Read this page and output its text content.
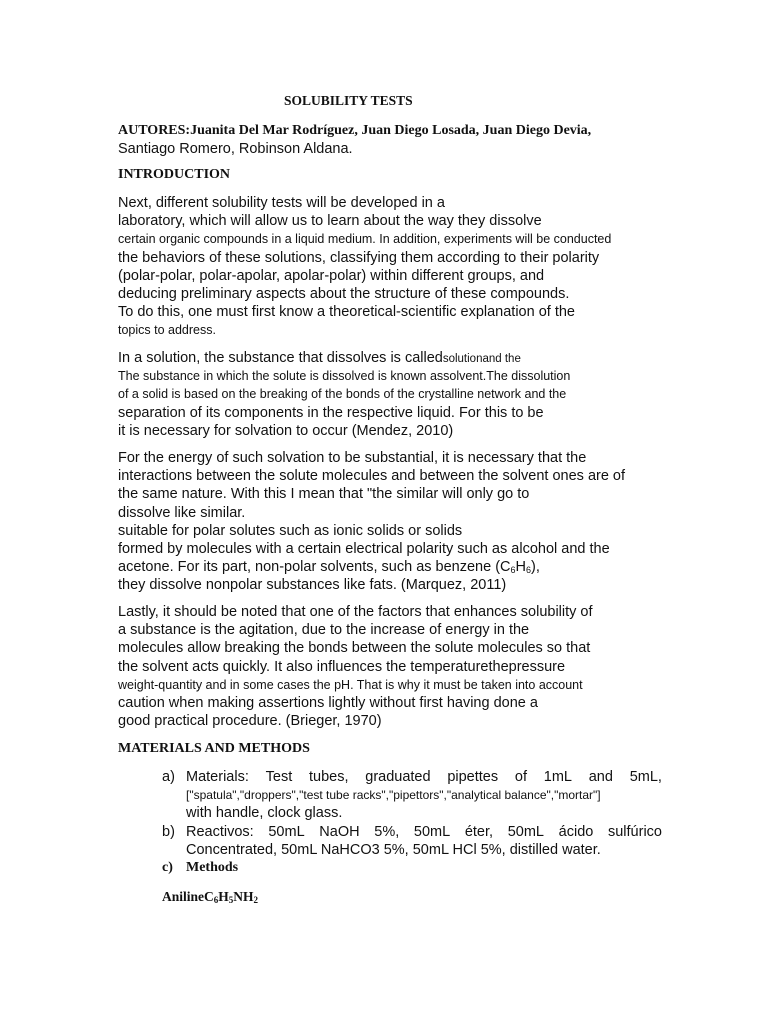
SOLUBILITY TESTS
AUTORES:Juanita Del Mar Rodríguez, Juan Diego Losada, Juan Diego Devia,
Santiago Romero, Robinson Aldana.
INTRODUCTION
Next, different solubility tests will be developed in a
laboratory, which will allow us to learn about the way they dissolve
certain organic compounds in a liquid medium. In addition, experiments will be conducted
the behaviors of these solutions, classifying them according to their polarity
(polar-polar, polar-apolar, apolar-polar) within different groups, and
deducing preliminary aspects about the structure of these compounds.
To do this, one must first know a theoretical-scientific explanation of the
topics to address.
In a solution, the substance that dissolves is calledsolutionand the
The substance in which the solute is dissolved is known assolvent.The dissolution
of a solid is based on the breaking of the bonds of the crystalline network and the
separation of its components in the respective liquid. For this to be
it is necessary for solvation to occur (Mendez, 2010)
For the energy of such solvation to be substantial, it is necessary that the
interactions between the solute molecules and between the solvent ones are of
the same nature. With this I mean that "the similar will only go to
dissolve like similar.
suitable for polar solutes such as ionic solids or solids
formed by molecules with a certain electrical polarity such as alcohol and the
acetone. For its part, non-polar solvents, such as benzene $(C_6H_6)$,
they dissolve nonpolar substances like fats. (Marquez, 2011)
Lastly, it should be noted that one of the factors that enhances solubility of
a substance is the agitation, due to the increase of energy in the
molecules allow breaking the bonds between the solute molecules so that
the solvent acts quickly. It also influences the temperaturethepressure
weight-quantity and in some cases the pH. That is why it must be taken into account
caution when making assertions lightly without first having done a
good practical procedure. (Brieger, 1970)
MATERIALS AND METHODS
a) Materials: Test tubes, graduated pipettes of 1mL and 5mL,
["spatula","droppers","test tube racks","pipettors","analytical balance","mortar"]
with handle, clock glass.
b) Reactivos: 50mL NaOH 5%, 50mL éter, 50mL ácido sulfúrico
Concentrated, 50mL NaHCO3 5%, 50mL HCl 5%, distilled water.
c) Methods
$AnilineC_6H_5NH_2$
